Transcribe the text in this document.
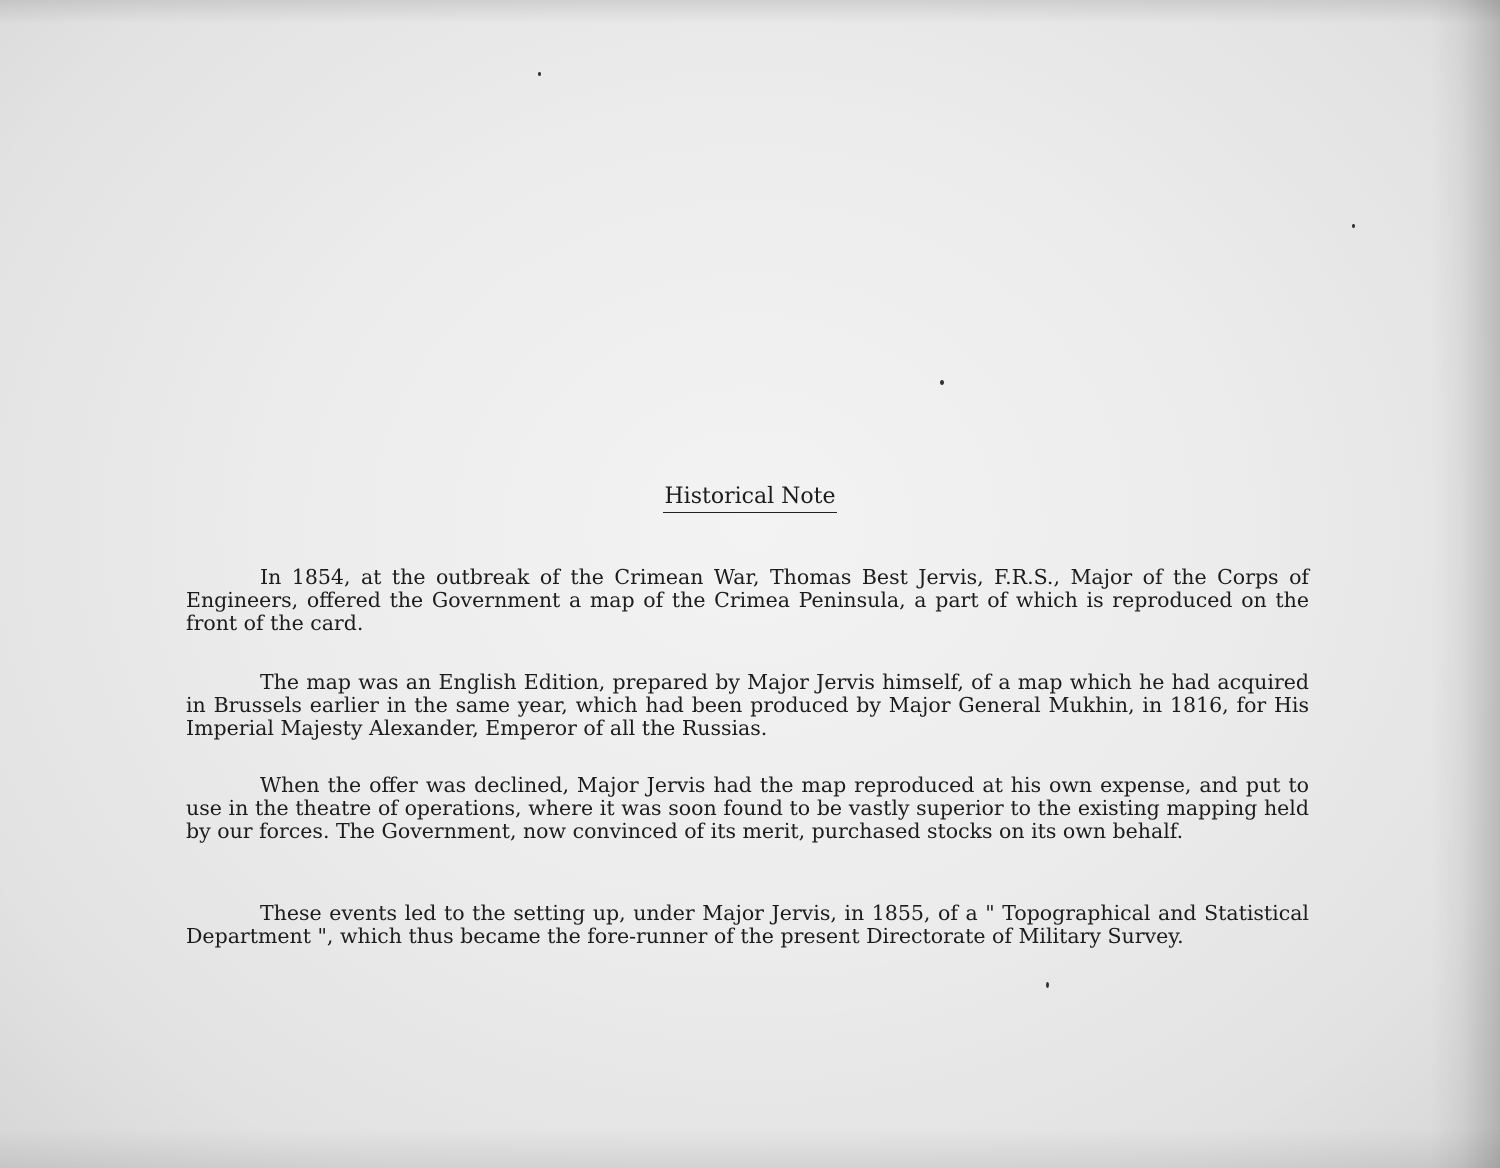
Historical Note

In 1854, at the outbreak of the Crimean War, Thomas Best Jervis, F.R.S., Major of the Corps of Engineers, offered the Government a map of the Crimea Peninsula, a part of which is reproduced on the front of the card.

The map was an English Edition, prepared by Major Jervis himself, of a map which he had acquired in Brussels earlier in the same year, which had been produced by Major General Mukhin, in 1816, for His Imperial Majesty Alexander, Emperor of all the Russias.

When the offer was declined, Major Jervis had the map reproduced at his own expense, and put to use in the theatre of operations, where it was soon found to be vastly superior to the existing mapping held by our forces. The Government, now convinced of its merit, purchased stocks on its own behalf.

These events led to the setting up, under Major Jervis, in 1855, of a " Topographical and Statistical Department ", which thus became the fore-runner of the present Directorate of Military Survey.
